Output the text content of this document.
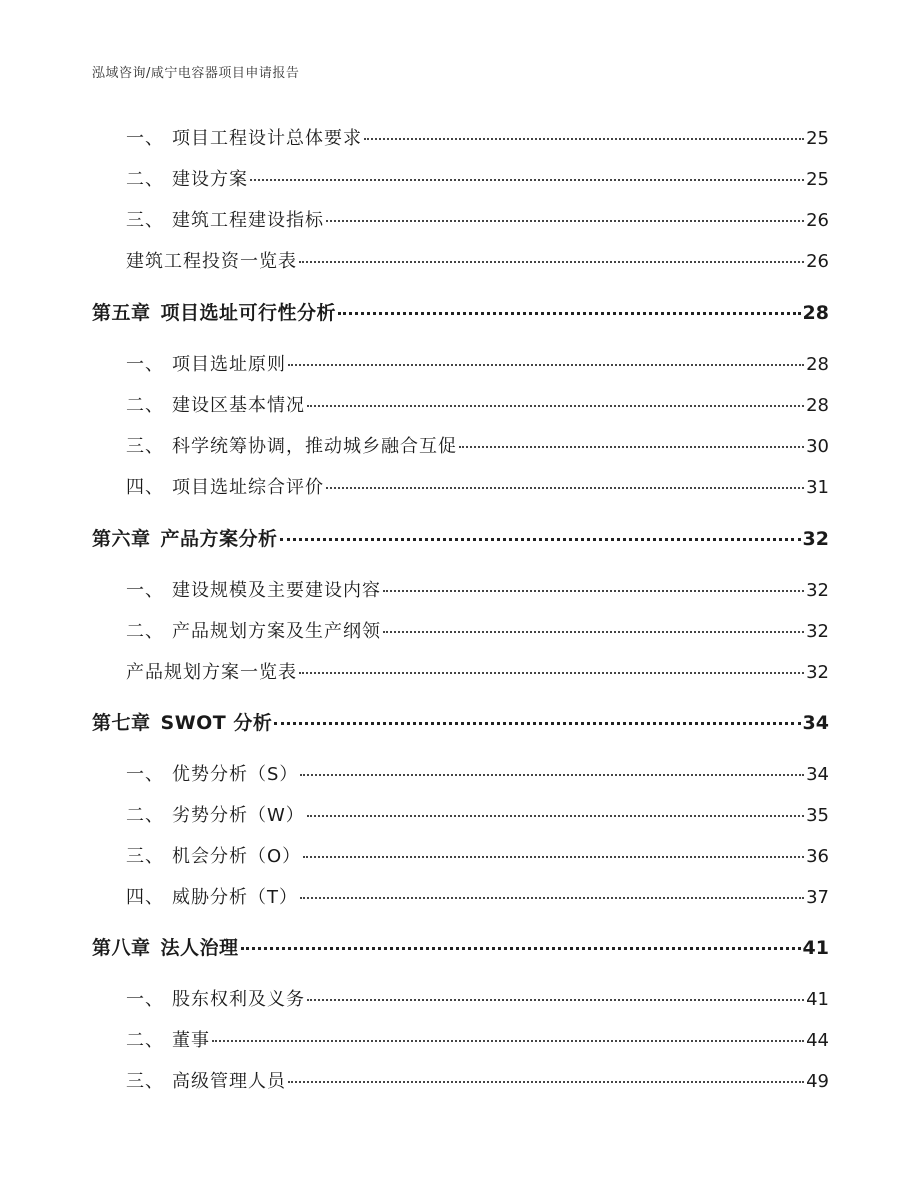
泓域咨询/咸宁电容器项目申请报告
一、 项目工程设计总体要求	25
二、 建设方案	25
三、 建筑工程建设指标	26
建筑工程投资一览表	26
第五章 项目选址可行性分析	28
一、 项目选址原则	28
二、 建设区基本情况	28
三、 科学统筹协调，推动城乡融合互促	30
四、 项目选址综合评价	31
第六章 产品方案分析	32
一、 建设规模及主要建设内容	32
二、 产品规划方案及生产纲领	32
产品规划方案一览表	32
第七章 SWOT 分析	34
一、 优势分析（S）	34
二、 劣势分析（W）	35
三、 机会分析（O）	36
四、 威胁分析（T）	37
第八章 法人治理	41
一、 股东权利及义务	41
二、 董事	44
三、 高级管理人员	49
